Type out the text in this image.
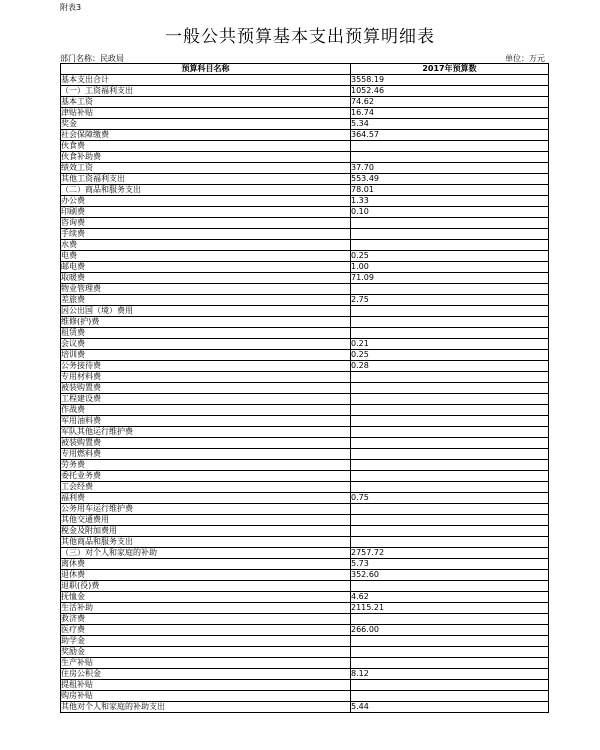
附表3
一般公共预算基本支出预算明细表
部门名称：民政局	单位：万元
预算科目名称	2017年预算数
基本支出合计	3558.19
（一）工资福利支出	1052.46
基本工资	74.62
津贴补贴	16.74
奖金	5.34
社会保障缴费	364.57
伙食费	
伙食补助费	
绩效工资	37.70
其他工资福利支出	553.49
（二）商品和服务支出	78.01
办公费	1.33
印刷费	0.10
咨询费	
手续费	
水费	
电费	0.25
邮电费	1.00
取暖费	71.09
物业管理费	
差旅费	2.75
因公出国（境）费用	
维修(护)费	
租赁费	
会议费	0.21
培训费	0.25
公务接待费	0.28
专用材料费	
被装购置费	
工程建设费	
作战费	
军用油料费	
军队其他运行维护费	
被装购置费	
专用燃料费	
劳务费	
委托业务费	
工会经费	
福利费	0.75
公务用车运行维护费	
其他交通费用	
税金及附加费用	
其他商品和服务支出	
（三）对个人和家庭的补助	2757.72
离休费	5.73
退休费	352.60
退职(役)费	
抚恤金	4.62
生活补助	2115.21
救济费	
医疗费	266.00
助学金	
奖励金	
生产补贴	
住房公积金	8.12
提租补贴	
购房补贴	
其他对个人和家庭的补助支出	5.44
